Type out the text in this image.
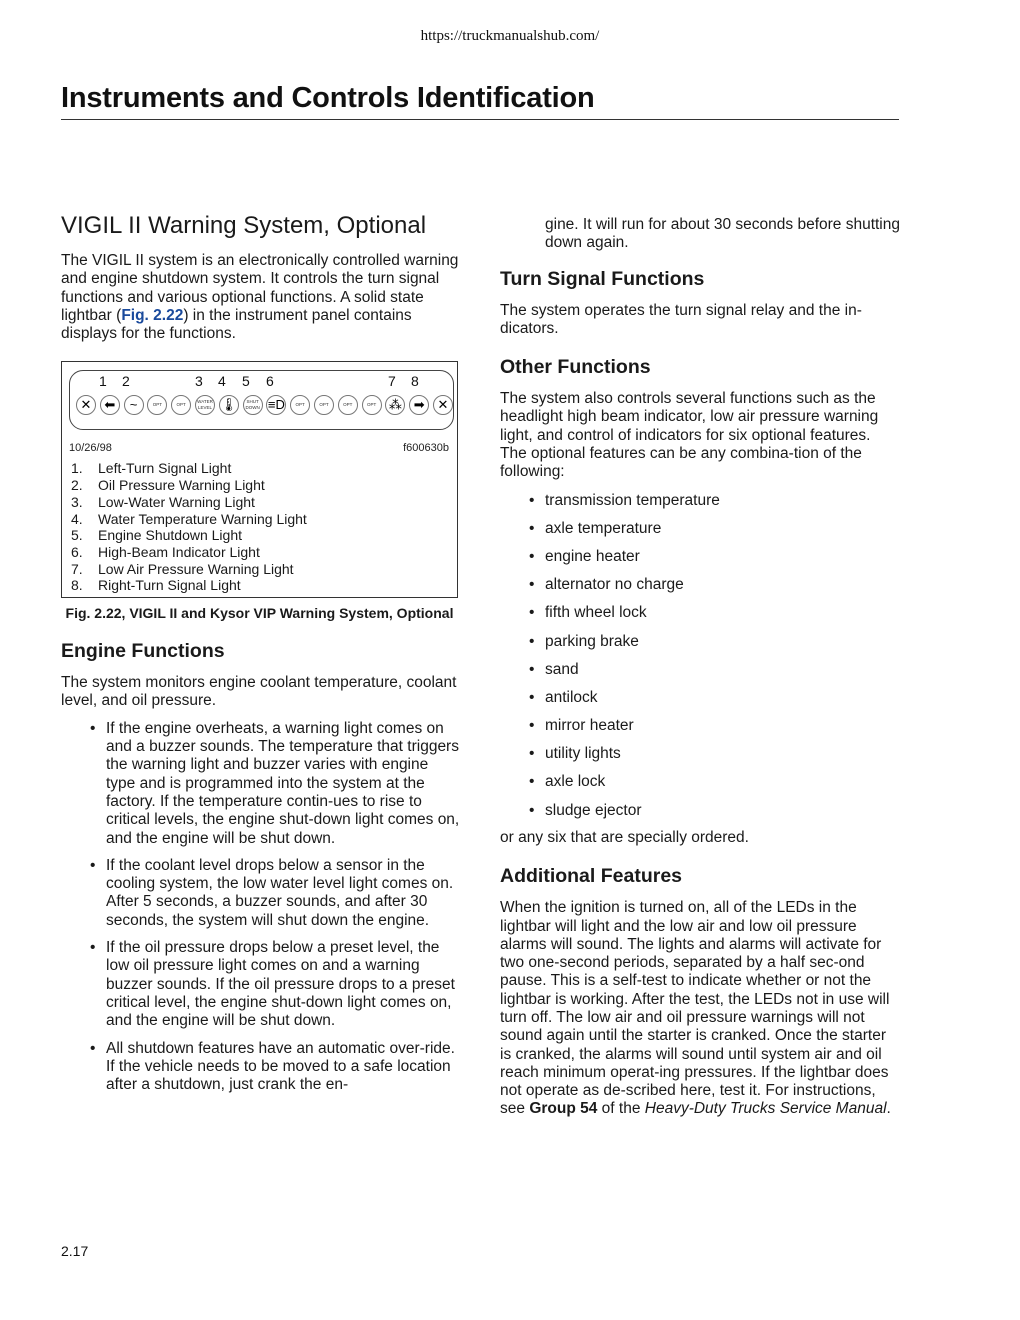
https://truckmanualshub.com/
Instruments and Controls Identification
VIGIL II Warning System, Optional

The VIGIL II system is an electronically controlled warning and engine shutdown system. It controls the turn signal functions and various optional functions. A solid state lightbar (Fig. 2.22) in the instrument panel contains displays for the functions.

1 2	3 4 5 6	7 8
✕ ⬅	~	OPT	OPT
WATER LEVEL 🌡	SHUT DOWN ≡D	OPT	OPT	OPT	OPT ⁂ ➡ ✕
10/26/98	f600630b
1.	Left-Turn Signal Light
2.	Oil Pressure Warning Light
3.	Low-Water Warning Light
4.	Water Temperature Warning Light
5.	Engine Shutdown Light
6.	High-Beam Indicator Light
7.	Low Air Pressure Warning Light
8.	Right-Turn Signal Light
Fig. 2.22, VIGIL II and Kysor VIP Warning System, Optional
Engine Functions

The system monitors engine coolant temperature, coolant level, and oil pressure.

• If the engine overheats, a warning light comes on and a buzzer sounds. The temperature that triggers the warning light and buzzer varies with engine type and is programmed into the system at the factory. If the temperature contin-ues to rise to critical levels, the engine shut-down light comes on, and the engine will be shut down.
• If the coolant level drops below a sensor in the cooling system, the low water level light comes on. After 5 seconds, a buzzer sounds, and after 30 seconds, the system will shut down the engine.
• If the oil pressure drops below a preset level, the low oil pressure light comes on and a warning buzzer sounds. If the oil pressure drops to a preset critical level, the engine shut-down light comes on, and the engine will be shut down.
• All shutdown features have an automatic over-ride. If the vehicle needs to be moved to a safe location after a shutdown, just crank the en-

gine. It will run for about 30 seconds before shutting down again.

Turn Signal Functions

The system operates the turn signal relay and the in-dicators.

Other Functions

The system also controls several functions such as the headlight high beam indicator, low air pressure warning light, and control of indicators for six optional features. The optional features can be any combina-tion of the following:

• transmission temperature
• axle temperature
• engine heater
• alternator no charge
• fifth wheel lock
• parking brake
• sand
• antilock
• mirror heater
• utility lights
• axle lock
• sludge ejector

or any six that are specially ordered.

Additional Features

When the ignition is turned on, all of the LEDs in the lightbar will light and the low air and low oil pressure alarms will sound. The lights and alarms will activate for two one-second periods, separated by a half sec-ond pause. This is a self-test to indicate whether or not the lightbar is working. After the test, the LEDs not in use will turn off. The low air and oil pressure warnings will not sound again until the starter is cranked. Once the starter is cranked, the alarms will sound until system air and oil reach minimum operat-ing pressures. If the lightbar does not operate as de-scribed here, test it. For instructions, see Group 54 of the Heavy-Duty Trucks Service Manual.

2.17
